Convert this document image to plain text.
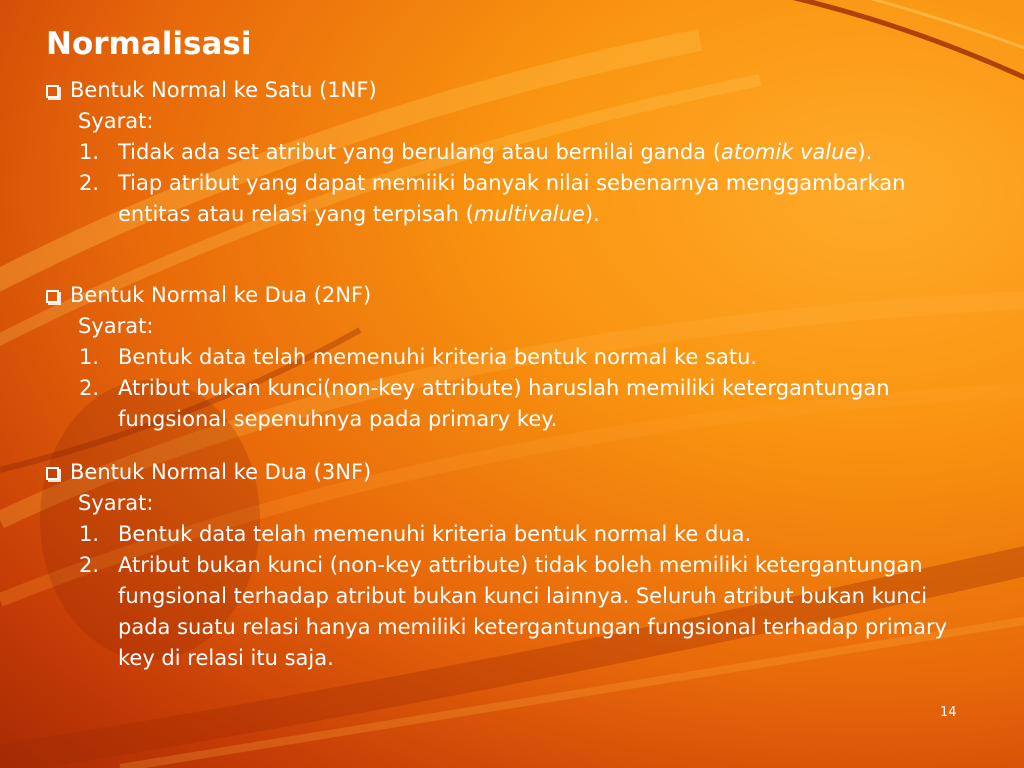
Normalisasi
Bentuk Normal ke Satu (1NF)
Syarat:
1. Tidak ada set atribut yang berulang atau bernilai ganda (atomik value).
2. Tiap atribut yang dapat memiiki banyak nilai sebenarnya menggambarkan entitas atau relasi yang terpisah (multivalue).
Bentuk Normal ke Dua (2NF)
Syarat:
1. Bentuk data telah memenuhi kriteria bentuk normal ke satu.
2. Atribut bukan kunci(non-key attribute) haruslah memiliki ketergantungan fungsional sepenuhnya pada primary key.
Bentuk Normal ke Dua (3NF)
Syarat:
1. Bentuk data telah memenuhi kriteria bentuk normal ke dua.
2. Atribut bukan kunci (non-key attribute) tidak boleh memiliki ketergantungan fungsional terhadap atribut bukan kunci lainnya. Seluruh atribut bukan kunci pada suatu relasi hanya memiliki ketergantungan fungsional terhadap primary key di relasi itu saja.
14
